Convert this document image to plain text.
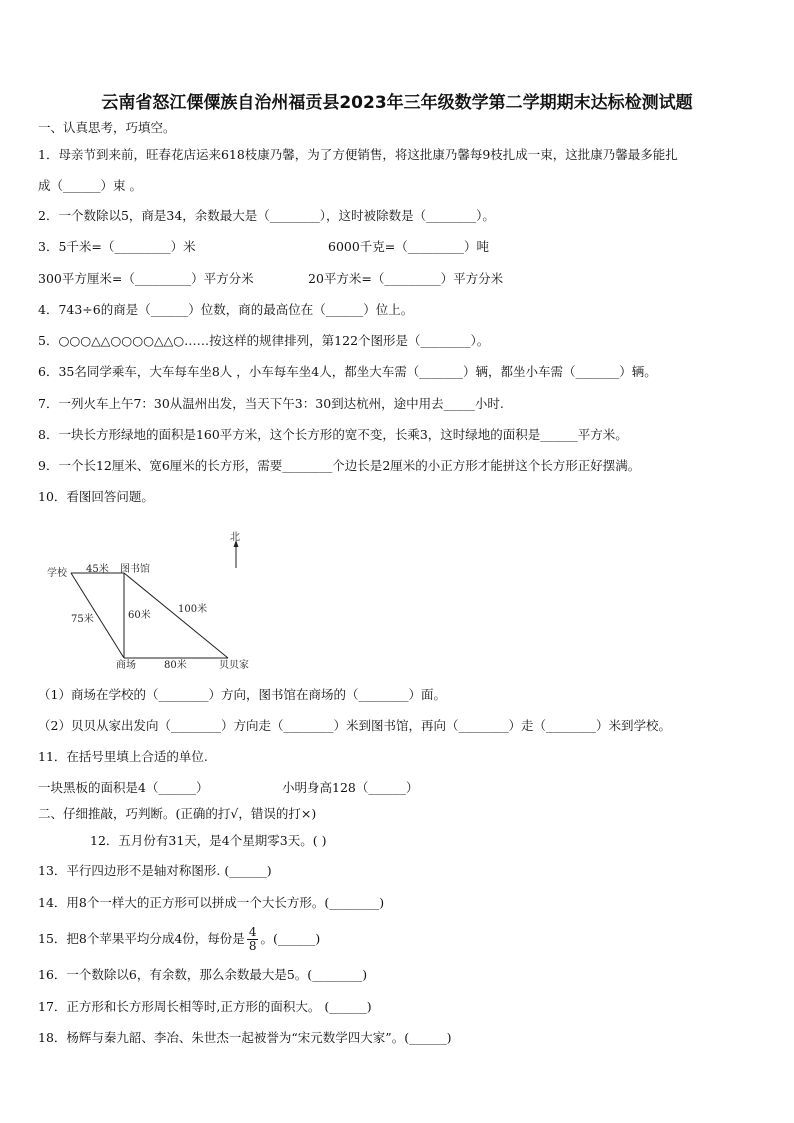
云南省怒江傈僳族自治州福贡县2023年三年级数学第二学期期末达标检测试题
一、认真思考，巧填空。
1．母亲节到来前，旺春花店运来618枝康乃馨，为了方便销售，将这批康乃馨每9枝扎成一束，这批康乃馨最多能扎
成（______）束 。
2．一个数除以5，商是34，余数最大是（________），这时被除数是（________）。
3．5千米=（_________）米	6000千克=（_________）吨
300平方厘米=（_________）平方分米	20平方米=（_________）平方分米
4．743÷6的商是（______）位数，商的最高位在（______）位上。
5．○○○△△○○○○△△○……按这样的规律排列，第122个图形是（________）。
6．35名同学乘车，大车每车坐8人 ，小车每车坐4人，都坐大车需（_______）辆，都坐小车需（_______）辆。
7．一列火车上午7：30从温州出发，当天下午3：30到达杭州，途中用去_____小时.
8．一块长方形绿地的面积是160平方米，这个长方形的宽不变，长乘3，这时绿地的面积是______平方米。
9．一个长12厘米、宽6厘米的长方形，需要________个边长是2厘米的小正方形才能拼这个长方形正好摆满。
10．看图回答问题。
北
学校	图书馆
商场	贝贝家
45米
75米	60米
100米
80米
（1）商场在学校的（________）方向，图书馆在商场的（________）面。
（2）贝贝从家出发向（________）方向走（________）米到图书馆，再向（________）走（________）米到学校。
11．在括号里填上合适的单位.
一块黑板的面积是4（______）	小明身高128（______）
二、仔细推敲，巧判断。(正确的打√，错误的打×)
12．五月份有31天，是4个星期零3天。( )
13．平行四边形不是轴对称图形. (______)
14．用8个一样大的正方形可以拼成一个大长方形。(________)
15．把8个苹果平均分成4份，每份是 $\frac{4}{8}$ 。(______)
16．一个数除以6，有余数，那么余数最大是5。(________)
17．正方形和长方形周长相等时,正方形的面积大。 (______)
18．杨辉与秦九韶、李冶、朱世杰一起被誉为“宋元数学四大家”。(______)
